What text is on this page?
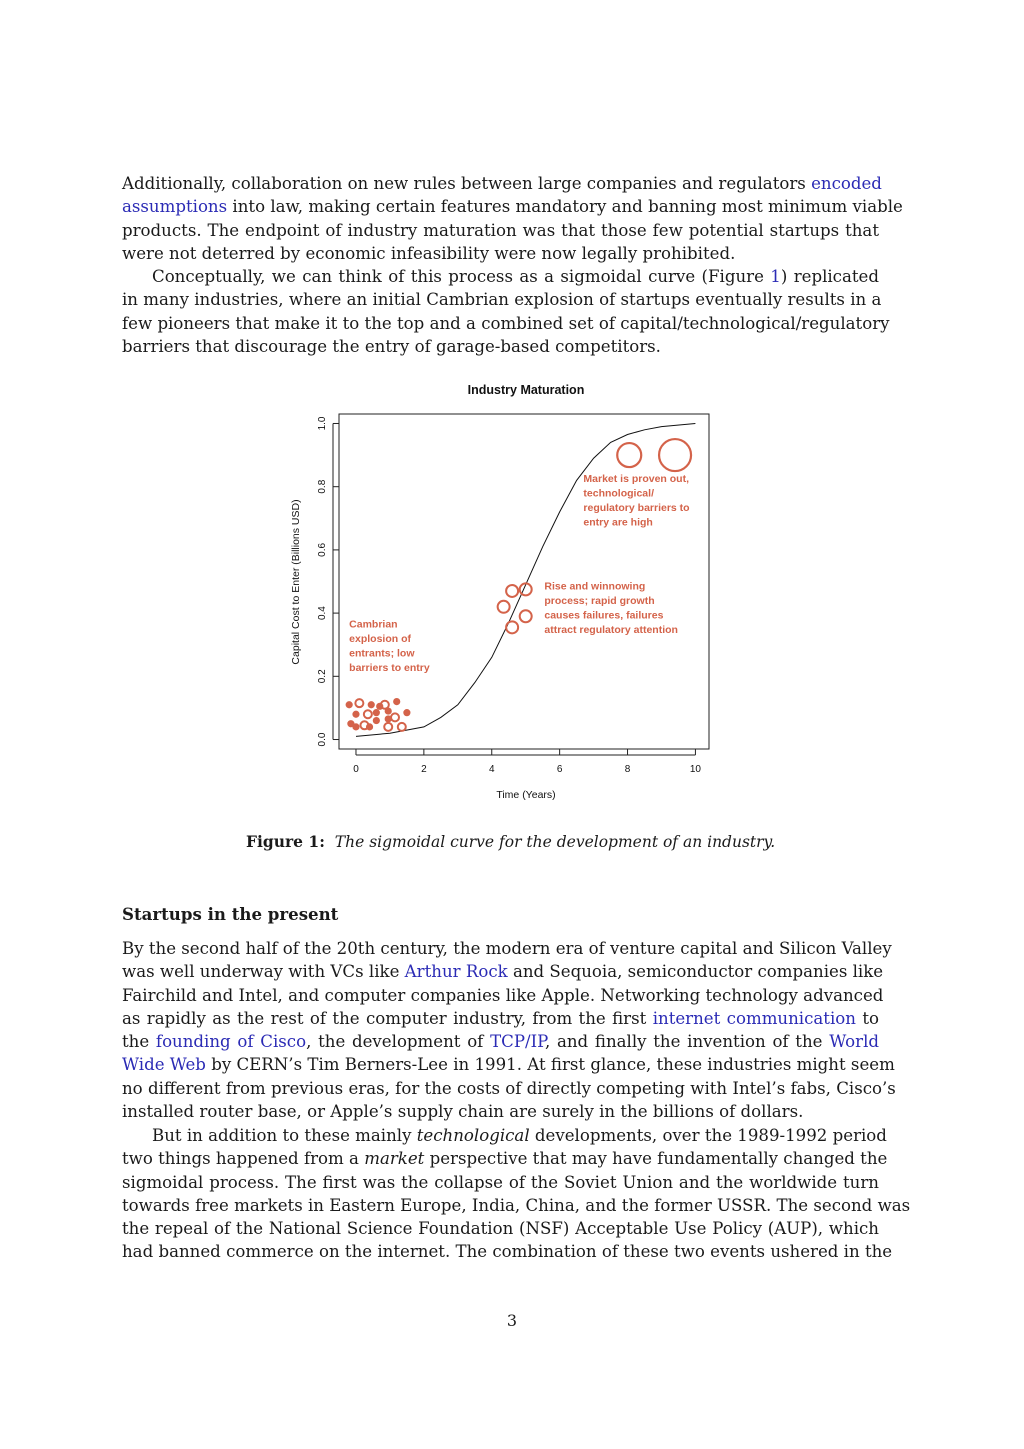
Additionally, collaboration on new rules between large companies and regulators encoded
assumptions into law, making certain features mandatory and banning most minimum viable
products. The endpoint of industry maturation was that those few potential startups that
were not deterred by economic infeasibility were now legally prohibited.
Conceptually, we can think of this process as a sigmoidal curve (Figure 1) replicated
in many industries, where an initial Cambrian explosion of startups eventually results in a
few pioneers that make it to the top and a combined set of capital/technological/regulatory
barriers that discourage the entry of garage-based competitors.
Industry Maturation
0	2	4	6	8	10
0.0
0.2
0.4
0.6
0.8
1.0
Time (Years)
Capital Cost to Enter (Billions USD)	Cambrian explosion of entrants; low barriers to entry
Rise and winnowing process; rapid growth causes failures, failures attract regulatory attention
Market is proven out, technological/ regulatory barriers to entry are high
Figure 1: The sigmoidal curve for the development of an industry.
Startups in the present
By the second half of the 20th century, the modern era of venture capital and Silicon Valley
was well underway with VCs like Arthur Rock and Sequoia, semiconductor companies like
Fairchild and Intel, and computer companies like Apple. Networking technology advanced
as rapidly as the rest of the computer industry, from the first internet communication to
the founding of Cisco, the development of TCP/IP, and finally the invention of the World
Wide Web by CERN’s Tim Berners-Lee in 1991. At first glance, these industries might seem
no different from previous eras, for the costs of directly competing with Intel’s fabs, Cisco’s
installed router base, or Apple’s supply chain are surely in the billions of dollars.
But in addition to these mainly technological developments, over the 1989-1992 period
two things happened from a market perspective that may have fundamentally changed the
sigmoidal process. The first was the collapse of the Soviet Union and the worldwide turn
towards free markets in Eastern Europe, India, China, and the former USSR. The second was
the repeal of the National Science Foundation (NSF) Acceptable Use Policy (AUP), which
had banned commerce on the internet. The combination of these two events ushered in the
3
